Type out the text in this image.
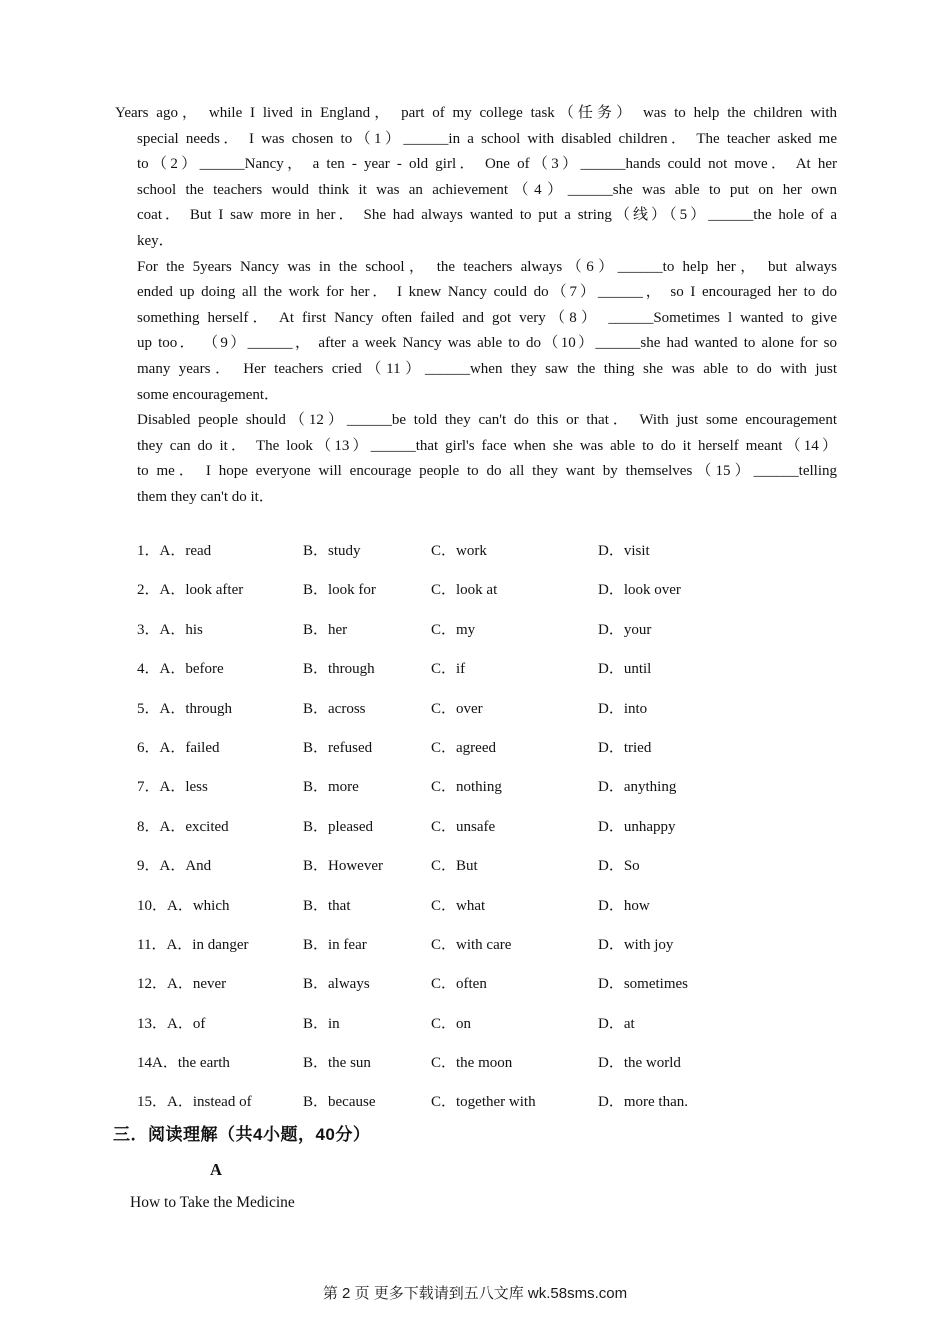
Years ago， while I lived in England， part of my college task（任务） was to help the children with
special needs． I was chosen to（1）______in a school with disabled children． The teacher asked me
to（2）______Nancy， a ten - year - old girl． One of（3）______hands could not move． At her
school the teachers would think it was an achievement（4）______she was able to put on her own
coat． But I saw more in her． She had always wanted to put a string（线）（5）______the hole of a
key．
For the 5years Nancy was in the school， the teachers always（6）______to help her， but always
ended up doing all the work for her． I knew Nancy could do（7）______， so I encouraged her to do
something herself． At first Nancy often failed and got very（8） ______Sometimes l wanted to give
up too． （9）______， after a week Nancy was able to do（10）______she had wanted to alone for so
many years． Her teachers cried（11）______when they saw the thing she was able to do with just
some encouragement．
Disabled people should（12）______be told they can't do this or that． With just some encouragement
they can do it． The look（13）______that girl's face when she was able to do it herself meant（14）
to me． I hope everyone will encourage people to do all they want by themselves（15）______telling
them they can't do it．
1．A．read	B．study	C．work	D．visit
2．A．look after	B．look for	C．look at	D．look over
3．A．his	B．her	C．my	D．your
4．A．before	B．through	C．if	D．until
5．A．through	B．across	C．over	D．into
6．A．failed	B．refused	C．agreed	D．tried
7．A．less	B．more	C．nothing	D．anything
8．A．excited	B．pleased	C．unsafe	D．unhappy
9．A．And	B．However	C．But	D．So
10．A．which	B．that	C．what	D．how
11．A．in danger	B．in fear	C．with care	D．with joy
12．A．never	B．always	C．often	D．sometimes
13．A．of	B．in	C．on	D．at
14A．the earth	B．the sun	C．the moon	D．the world
15．A．instead of	B．because	C．together with	D．more than.
三．阅读理解（共4小题，40分）
A
How to Take the Medicine
第 2 页 更多下载请到五八文库 wk.58sms.com
